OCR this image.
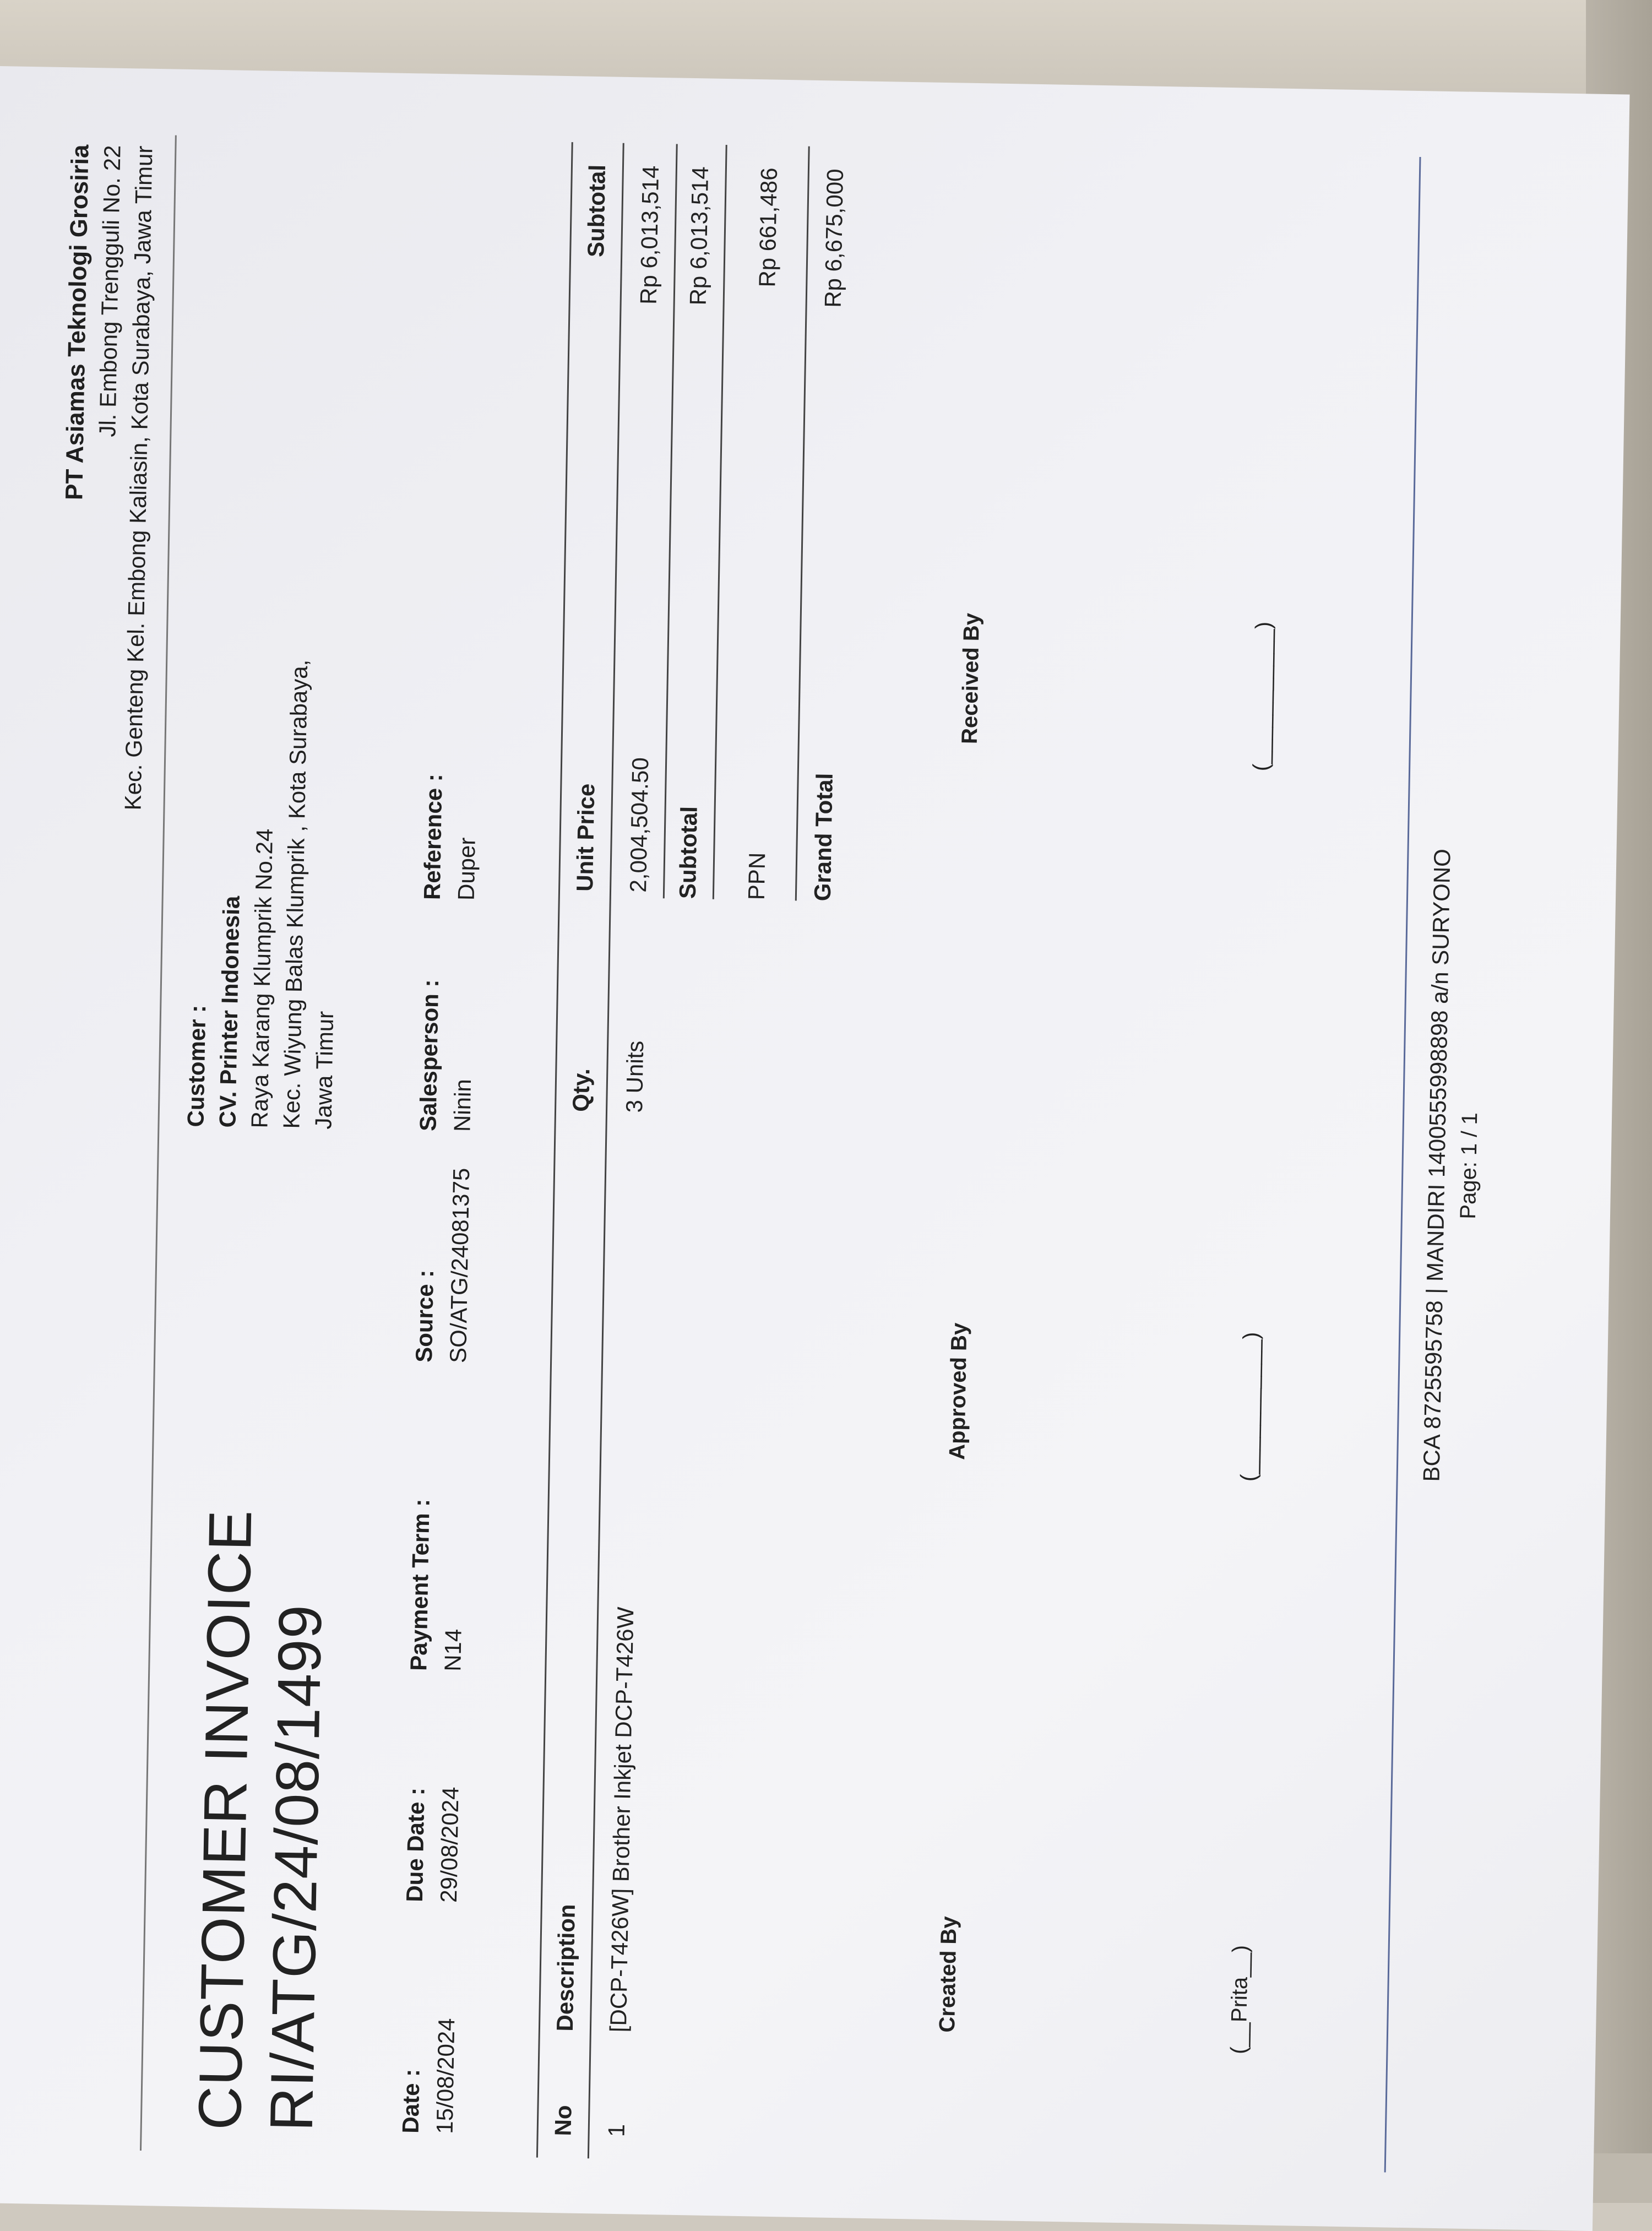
PT Asiamas Teknologi Grosiria Jl. Embong Trengguli No. 22
Kec. Genteng Kel. Embong Kaliasin, Kota Surabaya, Jawa Timur
Customer : CV. Printer Indonesia Raya Karang Klumprik No.24 Kec. Wiyung Balas Klumprik , Kota Surabaya,
Jawa Timur
CUSTOMER INVOICE
RI/ATG/24/08/1499	Date : 15/08/2024
Due Date : 29/08/2024
Payment Term : N14
Source : SO/ATG/24081375
Salesperson : Ninin
Reference : Duper
No
Description
Qty.
Unit Price
Subtotal
1
[DCP-T426W] Brother Inkjet DCP-T426W
3 Units
2,004,504.50
Rp 6,013,514
Subtotal
Rp 6,013,514
PPN
Rp 661,486
Grand Total
Rp 6,675,000
Created By
Approved By
Received By
(__Prita__)
(___________)
(___________)
BCA 8725595758 | MANDIRI 1400555998898 a/n SURYONO Page: 1 / 1
